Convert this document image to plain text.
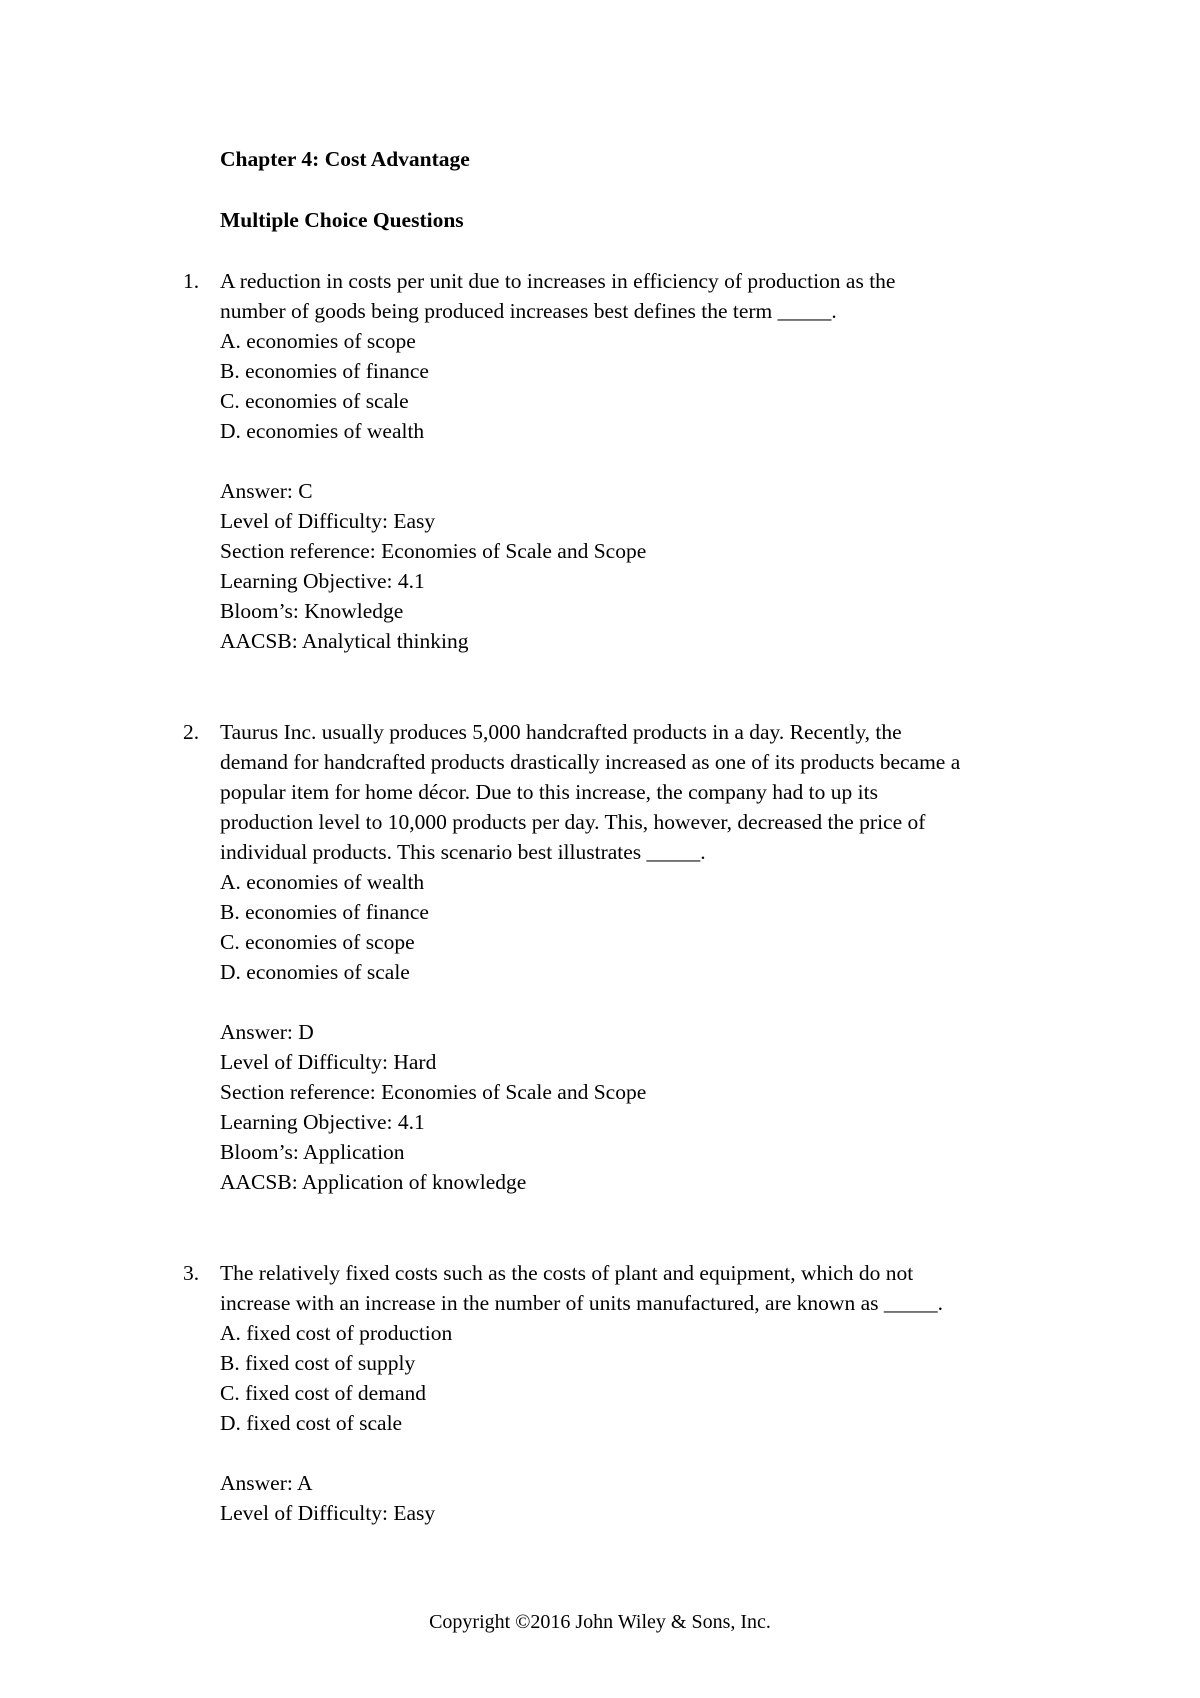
Chapter 4: Cost Advantage
Multiple Choice Questions
1. A reduction in costs per unit due to increases in efficiency of production as the
number of goods being produced increases best defines the term _____.
A. economies of scope
B. economies of finance
C. economies of scale
D. economies of wealth
Answer: C
Level of Difficulty: Easy
Section reference: Economies of Scale and Scope
Learning Objective: 4.1
Bloom’s: Knowledge
AACSB: Analytical thinking
2. Taurus Inc. usually produces 5,000 handcrafted products in a day. Recently, the
demand for handcrafted products drastically increased as one of its products became a
popular item for home décor. Due to this increase, the company had to up its
production level to 10,000 products per day. This, however, decreased the price of
individual products. This scenario best illustrates _____.
A. economies of wealth
B. economies of finance
C. economies of scope
D. economies of scale
Answer: D
Level of Difficulty: Hard
Section reference: Economies of Scale and Scope
Learning Objective: 4.1
Bloom’s: Application
AACSB: Application of knowledge
3. The relatively fixed costs such as the costs of plant and equipment, which do not
increase with an increase in the number of units manufactured, are known as _____.
A. fixed cost of production
B. fixed cost of supply
C. fixed cost of demand
D. fixed cost of scale
Answer: A
Level of Difficulty: Easy
Copyright ©2016 John Wiley & Sons, Inc.
